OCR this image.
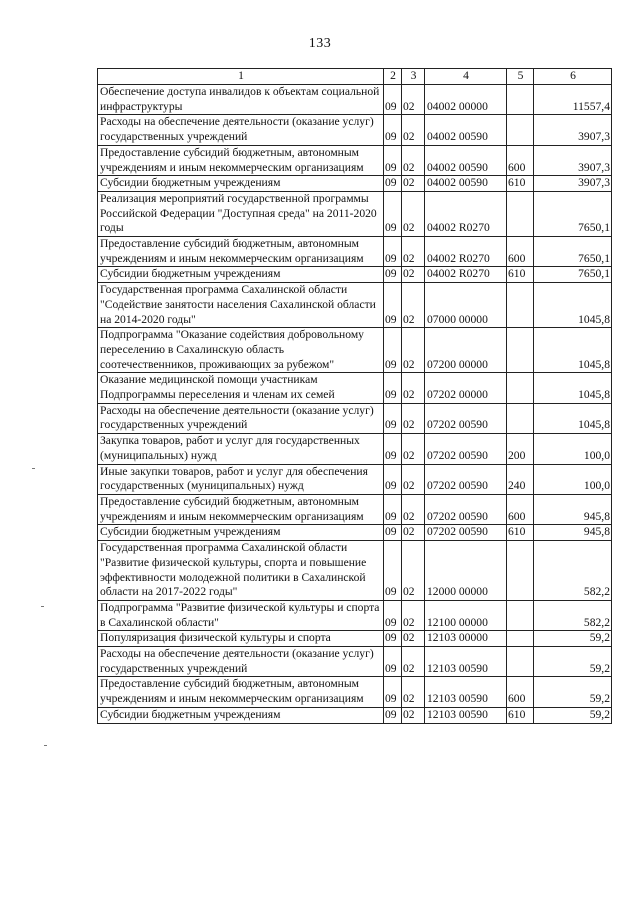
133
1	2	3	4	5	6
Обеспечение доступа инвалидов к объектам социальной инфраструктуры	09	02	04002 00000		11557,4
Расходы на обеспечение деятельности (оказание услуг) государственных учреждений	09	02	04002 00590		3907,3
Предоставление субсидий бюджетным, автономным учреждениям и иным некоммерческим организациям	09	02	04002 00590	600	3907,3
Субсидии бюджетным учреждениям	09	02	04002 00590	610	3907,3
Реализация мероприятий государственной программы Российской Федерации "Доступная среда" на 2011-2020 годы	09	02	04002 R0270		7650,1
Предоставление субсидий бюджетным, автономным учреждениям и иным некоммерческим организациям	09	02	04002 R0270	600	7650,1
Субсидии бюджетным учреждениям	09	02	04002 R0270	610	7650,1
Государственная программа Сахалинской области "Содействие занятости населения Сахалинской области на 2014-2020 годы"	09	02	07000 00000		1045,8
Подпрограмма "Оказание содействия добровольному переселению в Сахалинскую область соотечественников, проживающих за рубежом"	09	02	07200 00000		1045,8
Оказание медицинской помощи участникам Подпрограммы переселения и членам их семей	09	02	07202 00000		1045,8
Расходы на обеспечение деятельности (оказание услуг) государственных учреждений	09	02	07202 00590		1045,8
Закупка товаров, работ и услуг для государственных (муниципальных) нужд	09	02	07202 00590	200	100,0
Иные закупки товаров, работ и услуг для обеспечения государственных (муниципальных) нужд	09	02	07202 00590	240	100,0
Предоставление субсидий бюджетным, автономным учреждениям и иным некоммерческим организациям	09	02	07202 00590	600	945,8
Субсидии бюджетным учреждениям	09	02	07202 00590	610	945,8
Государственная программа Сахалинской области "Развитие физической культуры, спорта и повышение эффективности молодежной политики в Сахалинской области на 2017-2022 годы"	09	02	12000 00000		582,2
Подпрограмма "Развитие физической культуры и спорта в Сахалинской области"	09	02	12100 00000		582,2
Популяризация физической культуры и спорта	09	02	12103 00000		59,2
Расходы на обеспечение деятельности (оказание услуг) государственных учреждений	09	02	12103 00590		59,2
Предоставление субсидий бюджетным, автономным учреждениям и иным некоммерческим организациям	09	02	12103 00590	600	59,2
Субсидии бюджетным учреждениям	09	02	12103 00590	610	59,2
